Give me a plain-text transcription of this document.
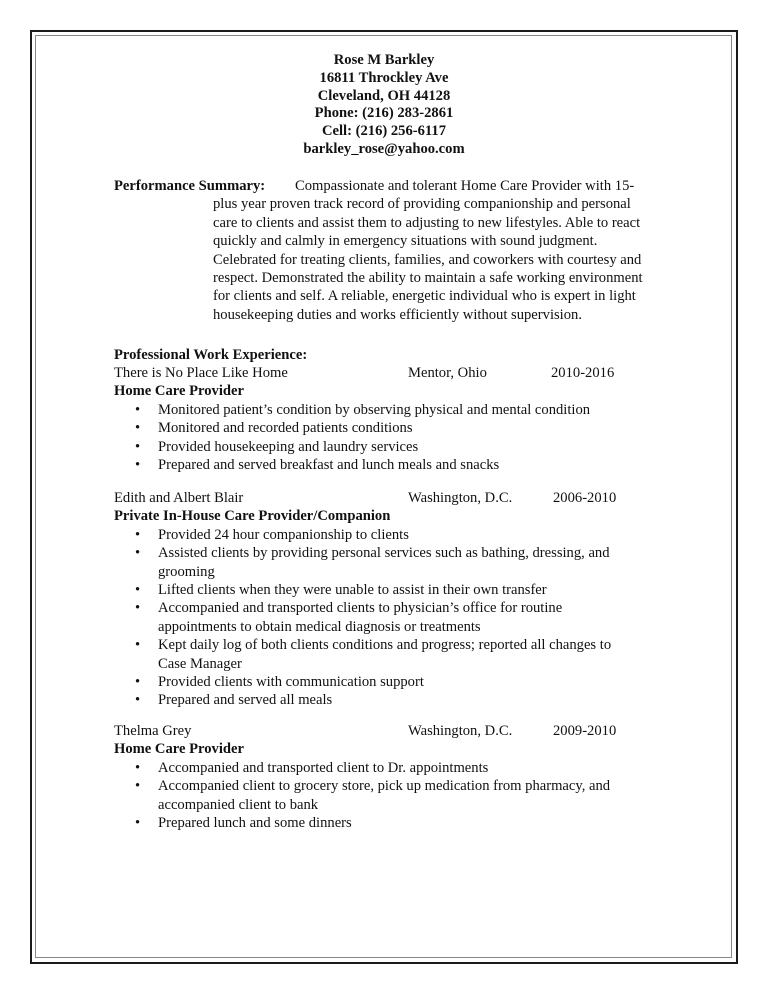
Rose M Barkley
16811 Throckley Ave
Cleveland, OH 44128
Phone: (216) 283-2861
Cell: (216) 256-6117
barkley_rose@yahoo.com
Performance Summary: Compassionate and tolerant Home Care Provider with 15-
plus year proven track record of providing companionship and personal care to clients and assist them to adjusting to new lifestyles. Able to react quickly and calmly in emergency situations with sound judgment. Celebrated for treating clients, families, and coworkers with courtesy and respect. Demonstrated the ability to maintain a safe working environment for clients and self. A reliable, energetic individual who is expert in light housekeeping duties and works efficiently without supervision.
Professional Work Experience:
There is No Place Like Home	Mentor, Ohio	2010-2016
Home Care Provider
• Monitored patient’s condition by observing physical and mental condition
• Monitored and recorded patients conditions
• Provided housekeeping and laundry services
• Prepared and served breakfast and lunch meals and snacks
Edith and Albert Blair	Washington, D.C.	2006-2010
Private In-House Care Provider/Companion
• Provided 24 hour companionship to clients
• Assisted clients by providing personal services such as bathing, dressing, and grooming
• Lifted clients when they were unable to assist in their own transfer
• Accompanied and transported clients to physician’s office for routine appointments to obtain medical diagnosis or treatments
• Kept daily log of both clients conditions and progress; reported all changes to Case Manager
• Provided clients with communication support
• Prepared and served all meals
Thelma Grey	Washington, D.C.	2009-2010
Home Care Provider
• Accompanied and transported client to Dr. appointments
• Accompanied client to grocery store, pick up medication from pharmacy, and accompanied client to bank
• Prepared lunch and some dinners
